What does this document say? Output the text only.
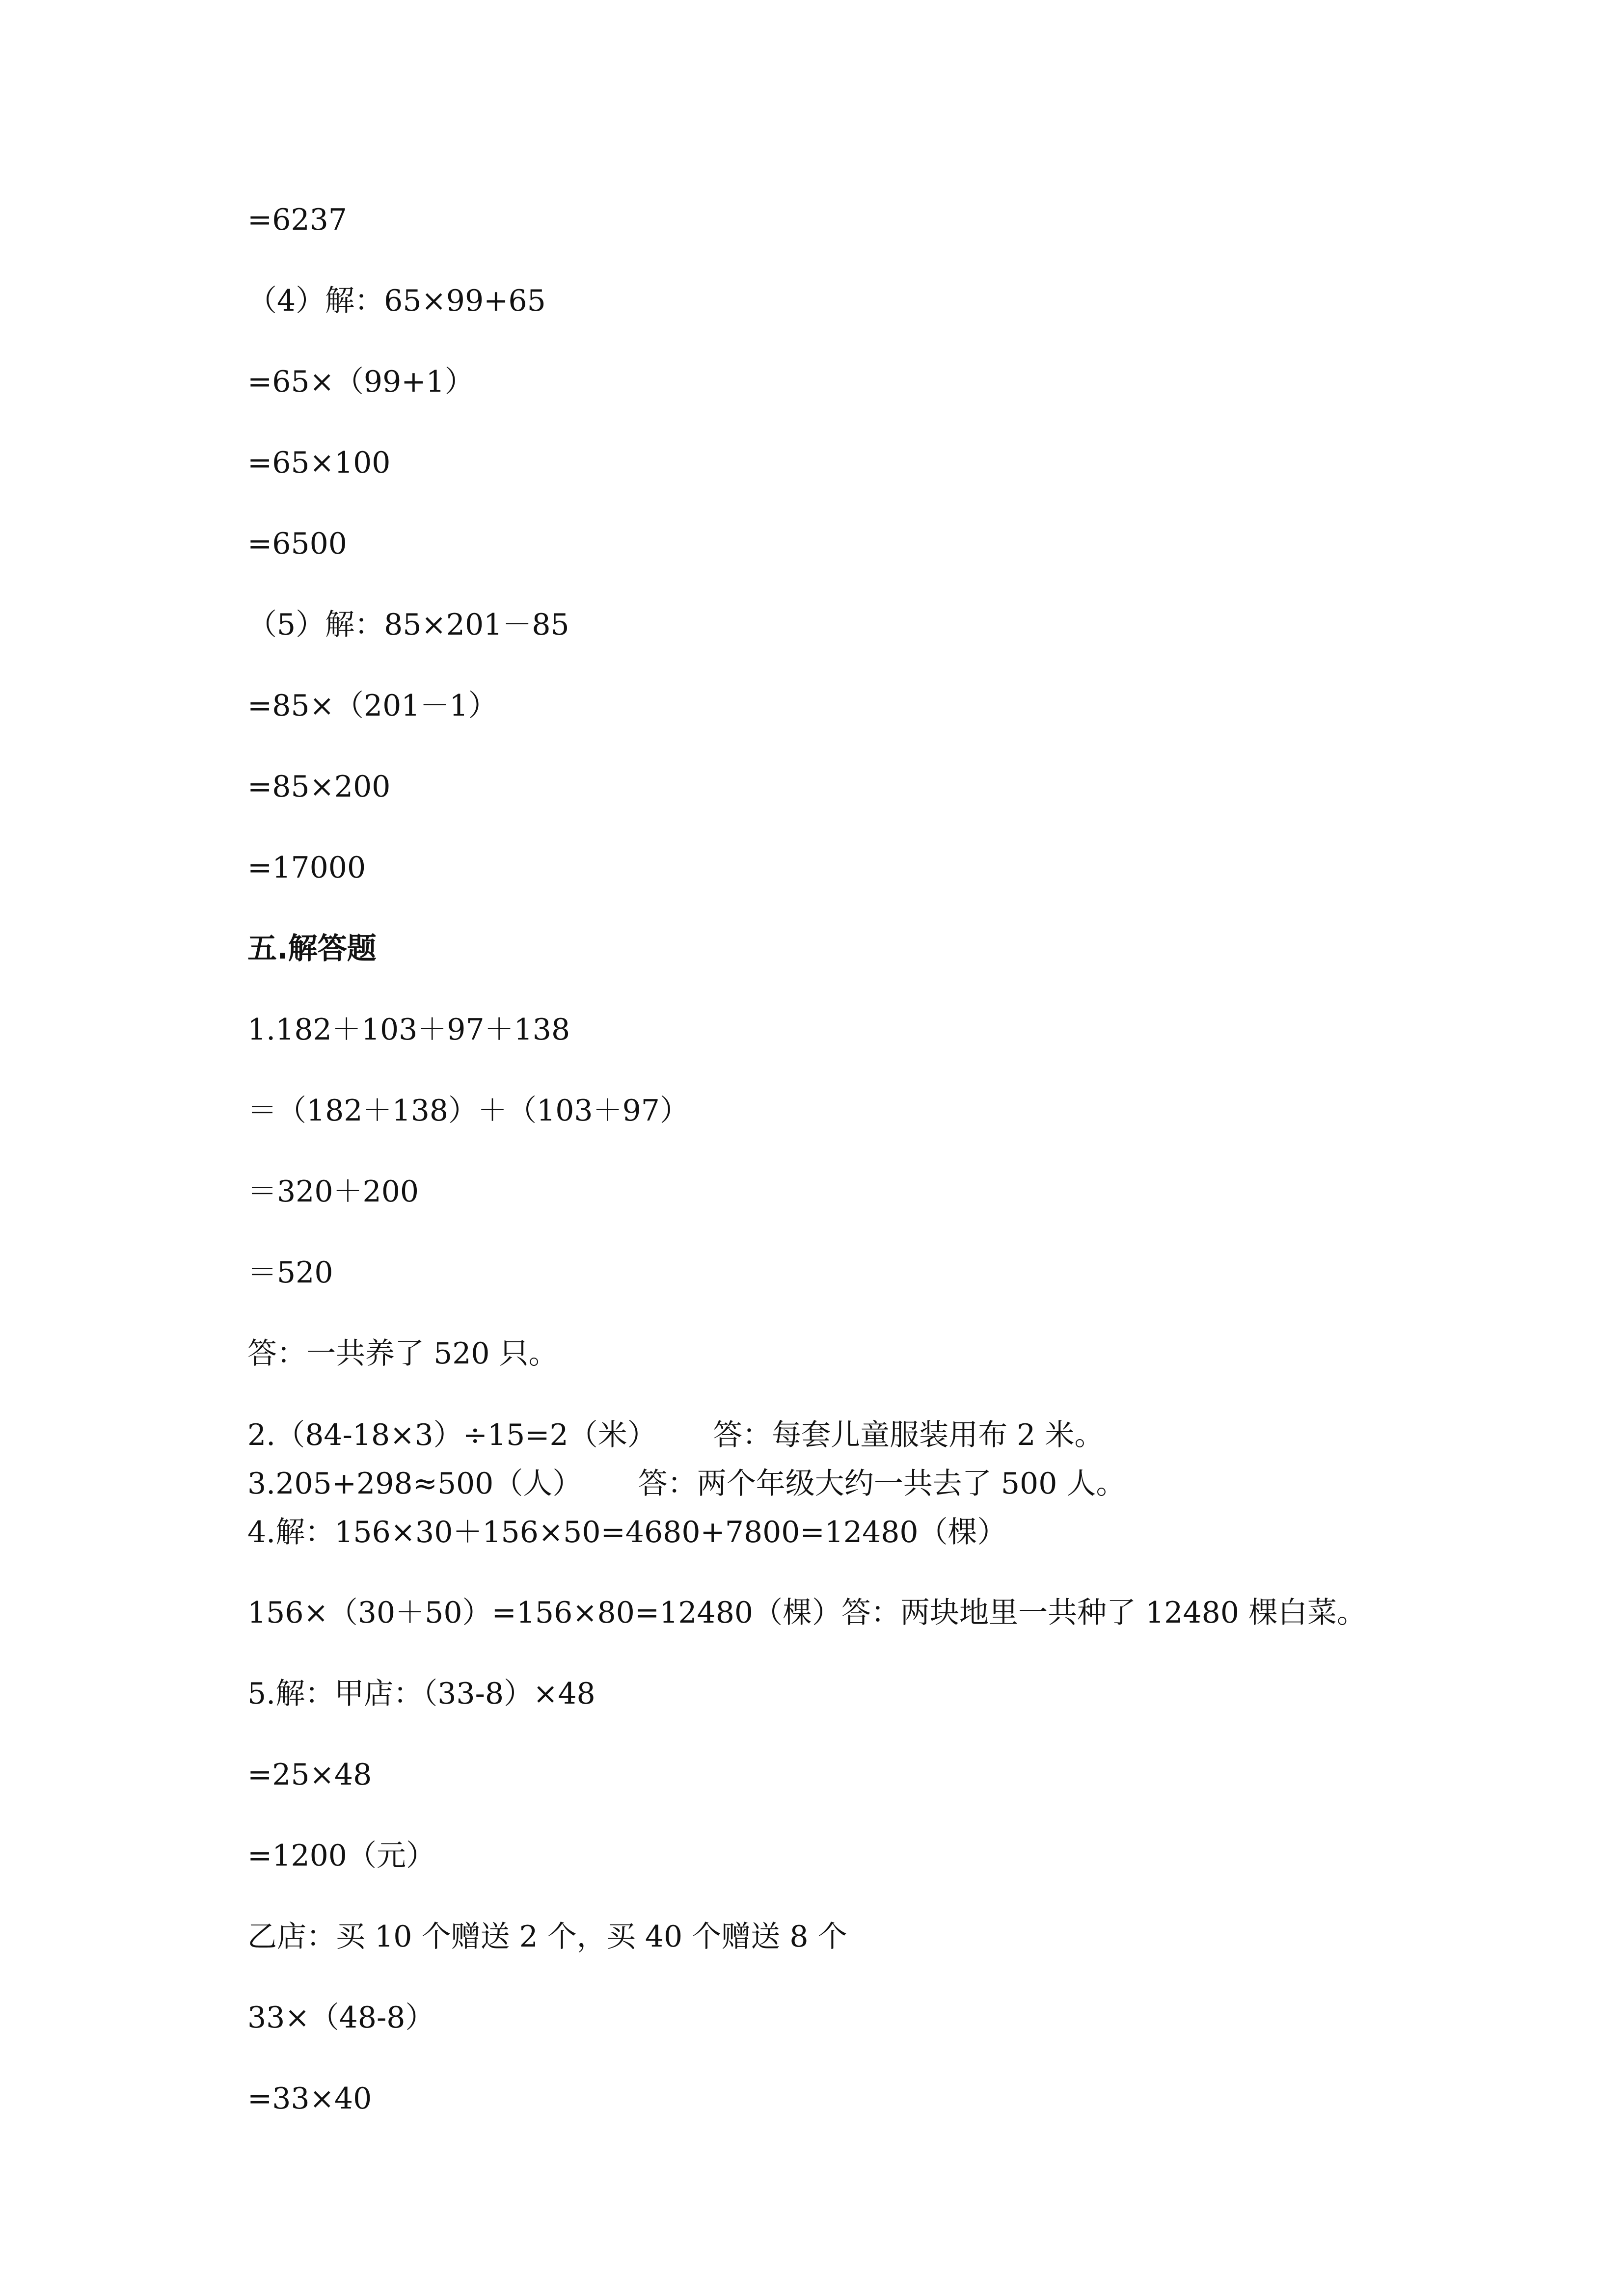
=6237

（4）解：65×99+65

=65×（99+1）

=65×100

=6500

（5）解：85×201－85

=85×（201－1）

=85×200

=17000

五.解答题

1.182＋103＋97＋138

＝（182＋138）＋（103＋97）

＝320＋200

＝520

答：一共养了 520 只。

2.（84-18×3）÷15=2（米）      答：每套儿童服装用布 2 米。

3.205+298≈500（人）      答：两个年级大约一共去了 500 人。

4.解：156×30＋156×50=4680+7800=12480（棵）

156×（30＋50）=156×80=12480（棵）答：两块地里一共种了 12480 棵白菜。

5.解：甲店：（33-8）×48

=25×48

=1200（元）

乙店：买 10 个赠送 2 个，买 40 个赠送 8 个

33×（48-8）

=33×40
